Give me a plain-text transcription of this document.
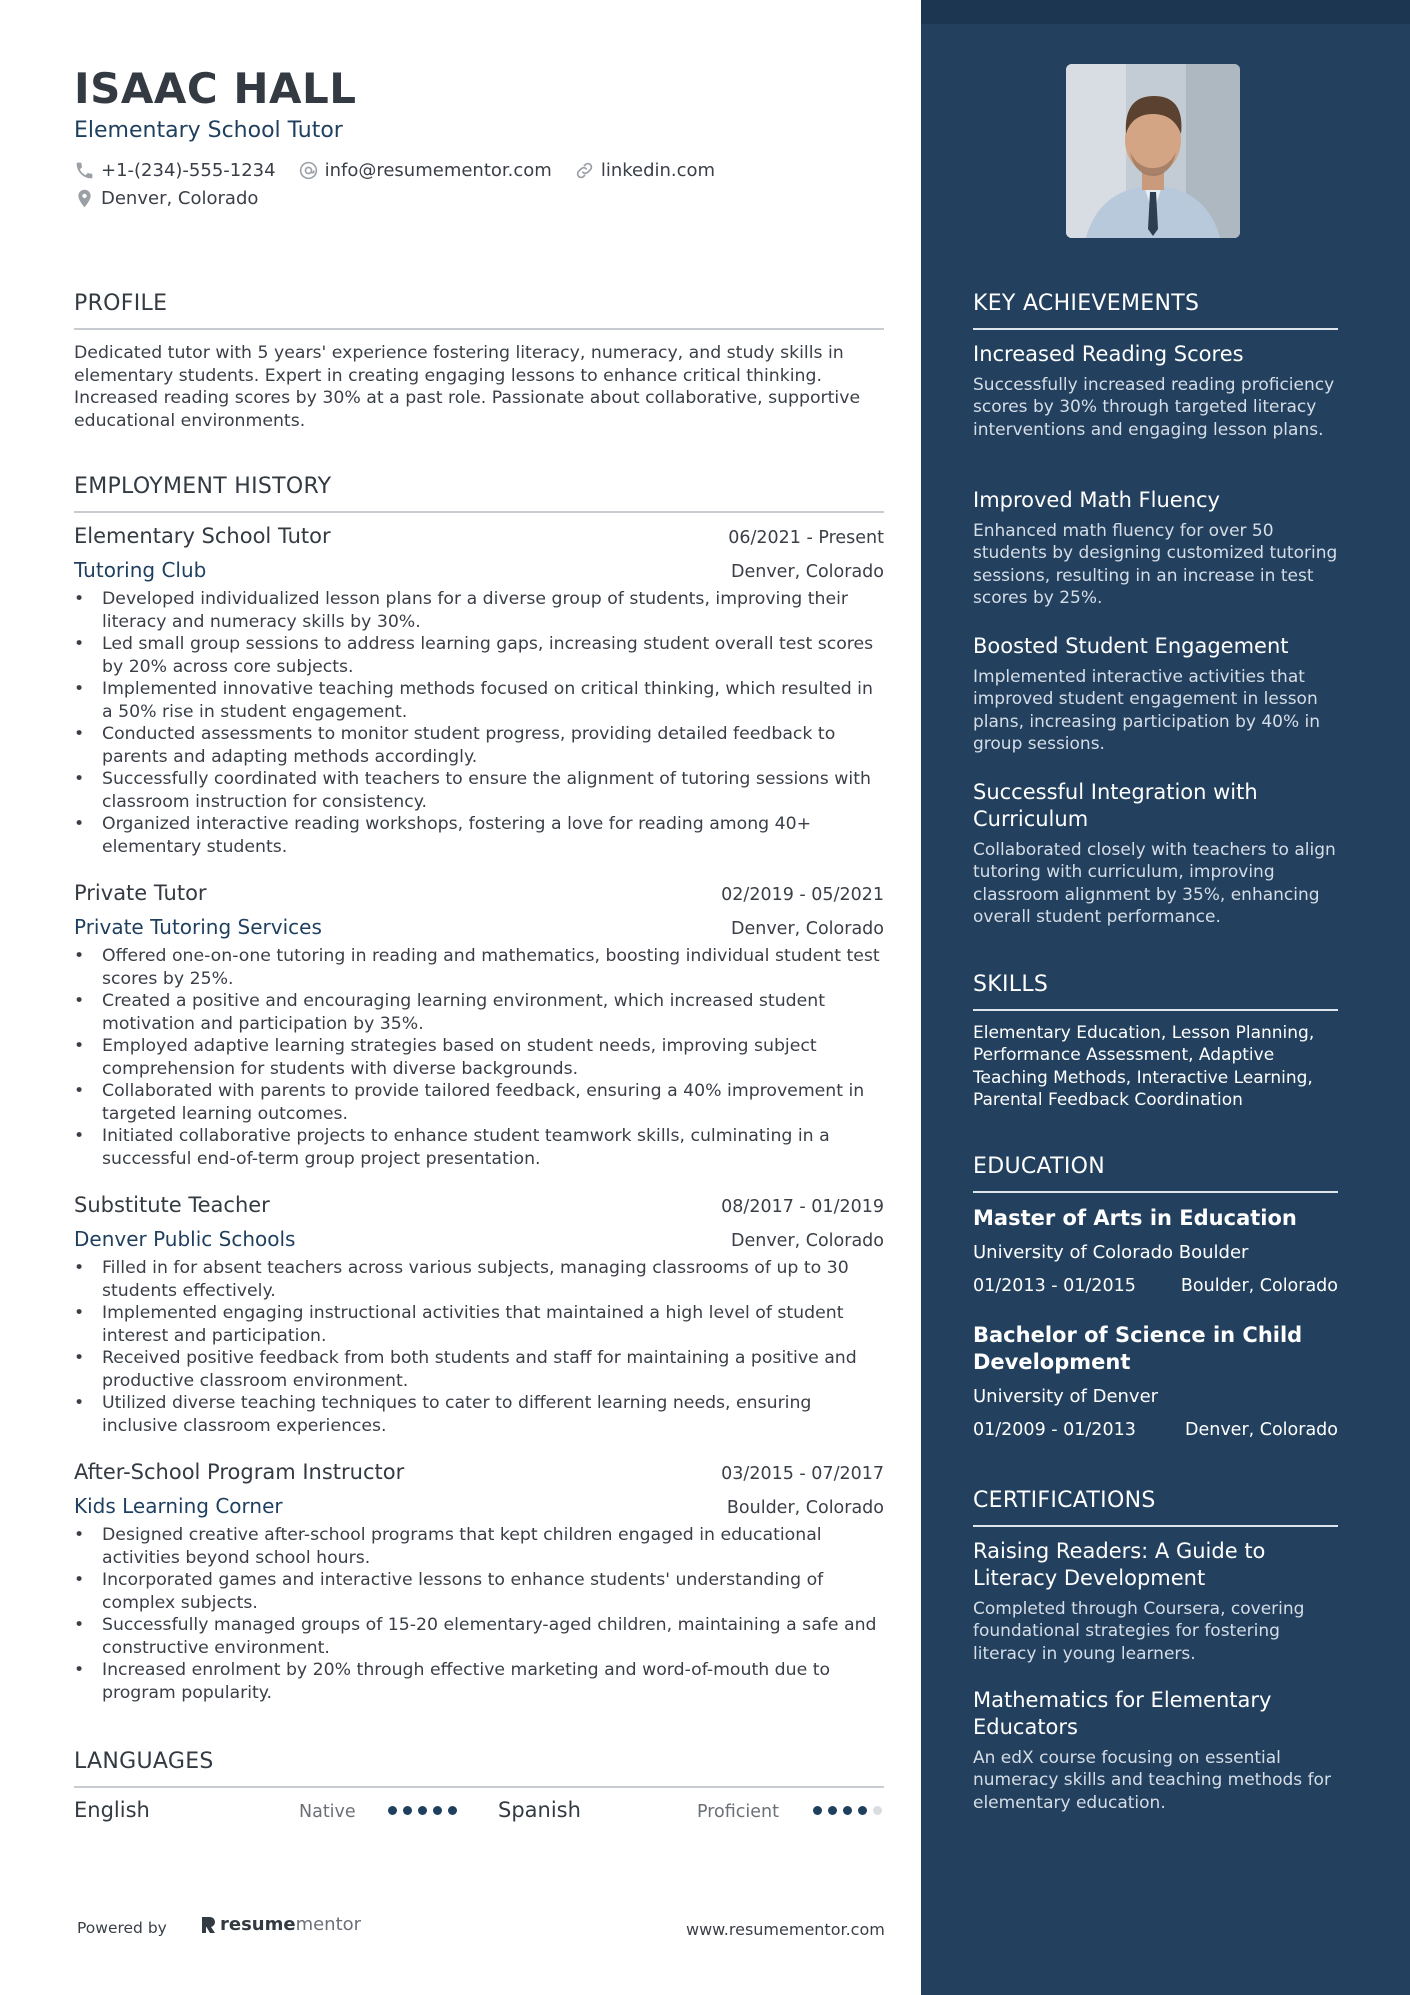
ISAAC HALL
Elementary School Tutor
+1-(234)-555-1234	info@resumementor.com	linkedin.com
Denver, Colorado
PROFILE
Dedicated tutor with 5 years' experience fostering literacy, numeracy, and study skills in elementary students. Expert in creating engaging lessons to enhance critical thinking. Increased reading scores by 30% at a past role. Passionate about collaborative, supportive educational environments.
EMPLOYMENT HISTORY
Elementary School Tutor	06/2021 - Present
Tutoring Club	Denver, Colorado
• Developed individualized lesson plans for a diverse group of students, improving their literacy and numeracy skills by 30%.
• Led small group sessions to address learning gaps, increasing student overall test scores by 20% across core subjects.
• Implemented innovative teaching methods focused on critical thinking, which resulted in a 50% rise in student engagement.
• Conducted assessments to monitor student progress, providing detailed feedback to parents and adapting methods accordingly.
• Successfully coordinated with teachers to ensure the alignment of tutoring sessions with classroom instruction for consistency.
• Organized interactive reading workshops, fostering a love for reading among 40+ elementary students.
Private Tutor	02/2019 - 05/2021
Private Tutoring Services	Denver, Colorado
• Offered one-on-one tutoring in reading and mathematics, boosting individual student test scores by 25%.
• Created a positive and encouraging learning environment, which increased student motivation and participation by 35%.
• Employed adaptive learning strategies based on student needs, improving subject comprehension for students with diverse backgrounds.
• Collaborated with parents to provide tailored feedback, ensuring a 40% improvement in targeted learning outcomes.
• Initiated collaborative projects to enhance student teamwork skills, culminating in a successful end-of-term group project presentation.
Substitute Teacher	08/2017 - 01/2019
Denver Public Schools	Denver, Colorado
• Filled in for absent teachers across various subjects, managing classrooms of up to 30 students effectively.
• Implemented engaging instructional activities that maintained a high level of student interest and participation.
• Received positive feedback from both students and staff for maintaining a positive and productive classroom environment.
• Utilized diverse teaching techniques to cater to different learning needs, ensuring inclusive classroom experiences.
After-School Program Instructor	03/2015 - 07/2017
Kids Learning Corner	Boulder, Colorado
• Designed creative after-school programs that kept children engaged in educational activities beyond school hours.
• Incorporated games and interactive lessons to enhance students' understanding of complex subjects.
• Successfully managed groups of 15-20 elementary-aged children, maintaining a safe and constructive environment.
• Increased enrolment by 20% through effective marketing and word-of-mouth due to program popularity.
LANGUAGES
English	Native	Spanish	Proficient
Powered by	resume mentor	www.resumementor.com
KEY ACHIEVEMENTS
Increased Reading Scores
Successfully increased reading proficiency scores by 30% through targeted literacy interventions and engaging lesson plans.
Improved Math Fluency
Enhanced math fluency for over 50 students by designing customized tutoring sessions, resulting in an increase in test scores by 25%.
Boosted Student Engagement
Implemented interactive activities that improved student engagement in lesson plans, increasing participation by 40% in group sessions.
Successful Integration with Curriculum
Collaborated closely with teachers to align tutoring with curriculum, improving classroom alignment by 35%, enhancing overall student performance.
SKILLS
Elementary Education, Lesson Planning, Performance Assessment, Adaptive Teaching Methods, Interactive Learning, Parental Feedback Coordination
EDUCATION
Master of Arts in Education
University of Colorado Boulder
01/2013 - 01/2015	Boulder, Colorado
Bachelor of Science in Child Development
University of Denver
01/2009 - 01/2013	Denver, Colorado
CERTIFICATIONS
Raising Readers: A Guide to Literacy Development
Completed through Coursera, covering foundational strategies for fostering literacy in young learners.
Mathematics for Elementary Educators
An edX course focusing on essential numeracy skills and teaching methods for elementary education.
